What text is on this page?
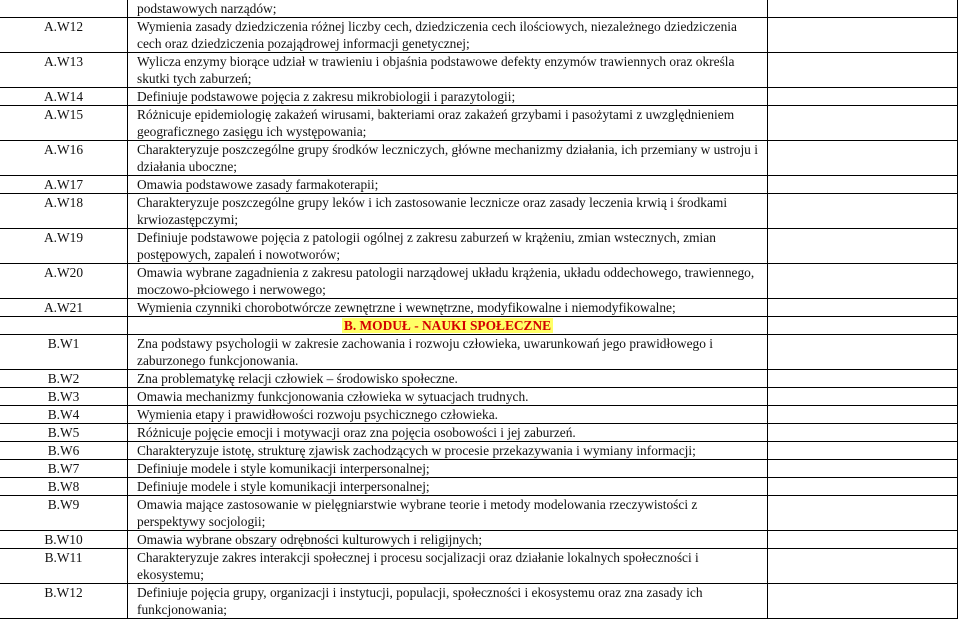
	podstawowych narządów;	
A.W12	Wymienia zasady dziedziczenia różnej liczby cech, dziedziczenia cech ilościowych, niezależnego dziedziczenia cech oraz dziedziczenia pozajądrowej informacji genetycznej;	
A.W13	Wylicza enzymy biorące udział w trawieniu i objaśnia podstawowe defekty enzymów trawiennych oraz określa skutki tych zaburzeń;	
A.W14	Definiuje podstawowe pojęcia z zakresu mikrobiologii i parazytologii;	
A.W15	Różnicuje epidemiologię zakażeń wirusami, bakteriami oraz zakażeń grzybami i pasożytami z uwzględnieniem geograficznego zasięgu ich występowania;	
A.W16	Charakteryzuje poszczególne grupy środków leczniczych, główne mechanizmy działania, ich przemiany w ustroju i działania uboczne;	
A.W17	Omawia podstawowe zasady farmakoterapii;	
A.W18	Charakteryzuje poszczególne grupy leków i ich zastosowanie lecznicze oraz zasady leczenia krwią i środkami krwiozastępczymi;	
A.W19	Definiuje podstawowe pojęcia z patologii ogólnej z zakresu zaburzeń w krążeniu, zmian wstecznych, zmian postępowych, zapaleń i nowotworów;	
A.W20	Omawia wybrane zagadnienia z zakresu patologii narządowej układu krążenia, układu oddechowego, trawiennego, moczowo-płciowego i nerwowego;	
A.W21	Wymienia czynniki chorobotwórcze zewnętrzne i wewnętrzne, modyfikowalne i niemodyfikowalne;	
	B. MODUŁ - NAUKI SPOŁECZNE	
B.W1	Zna podstawy psychologii w zakresie zachowania i rozwoju człowieka, uwarunkowań jego prawidłowego i zaburzonego funkcjonowania.	
B.W2	Zna problematykę relacji człowiek – środowisko społeczne.	
B.W3	Omawia mechanizmy funkcjonowania człowieka w sytuacjach trudnych.	
B.W4	Wymienia etapy i prawidłowości rozwoju psychicznego człowieka.	
B.W5	Różnicuje pojęcie emocji i motywacji oraz zna pojęcia osobowości i jej zaburzeń.	
B.W6	Charakteryzuje istotę, strukturę zjawisk zachodzących w procesie przekazywania i wymiany informacji;	
B.W7	Definiuje modele i style komunikacji interpersonalnej;	
B.W8	Definiuje modele i style komunikacji interpersonalnej;	
B.W9	Omawia mające zastosowanie w pielęgniarstwie wybrane teorie i metody modelowania rzeczywistości z perspektywy socjologii;	
B.W10	Omawia wybrane obszary odrębności kulturowych i religijnych;	
B.W11	Charakteryzuje zakres interakcji społecznej i procesu socjalizacji oraz działanie lokalnych społeczności i ekosystemu;	
B.W12	Definiuje pojęcia grupy, organizacji i instytucji, populacji, społeczności i ekosystemu oraz zna zasady ich funkcjonowania;	
